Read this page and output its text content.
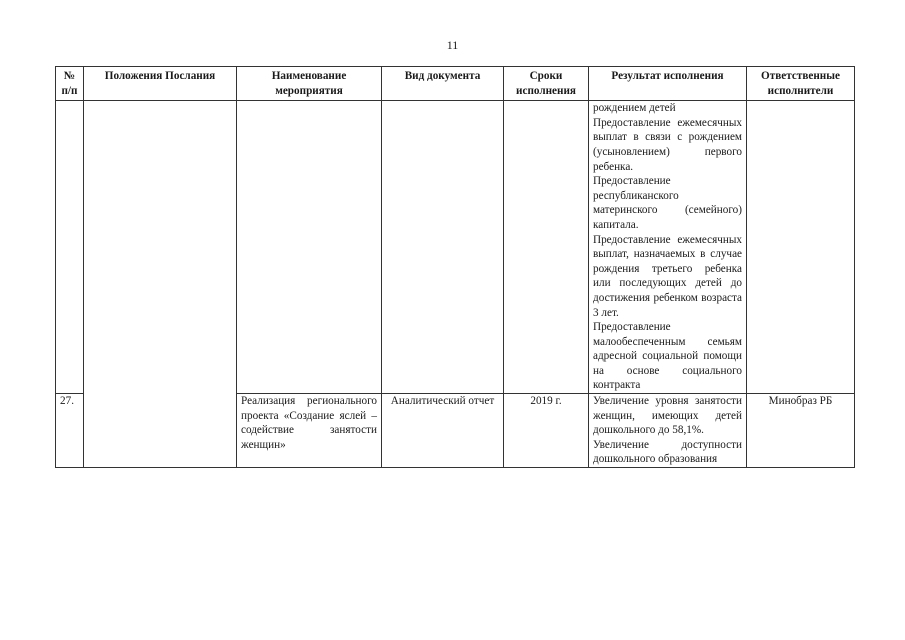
11
№ п/п	Положения Послания	Наименование мероприятия	Вид документа	Сроки исполнения	Результат исполнения	Ответственные исполнители

					рождением детей

Предоставление ежемесячных выплат в связи с рождением (усыновлением) первого ребенка.

Предоставление республиканского материнского (семейного) капитала.

Предоставление ежемесячных выплат, назначаемых в случае рождения третьего ребенка или последующих детей до достижения ребенком возраста 3 лет.

Предоставление малообеспеченным семьям адресной социальной помощи на основе социального контракта	

27.		Реализация регионального проекта «Создание яслей – содействие занятости женщин»	Аналитический отчет	2019 г.	Увеличение уровня занятости женщин, имеющих детей дошкольного до 58,1%.

Увеличение доступности дошкольного образования	Минобраз РБ
